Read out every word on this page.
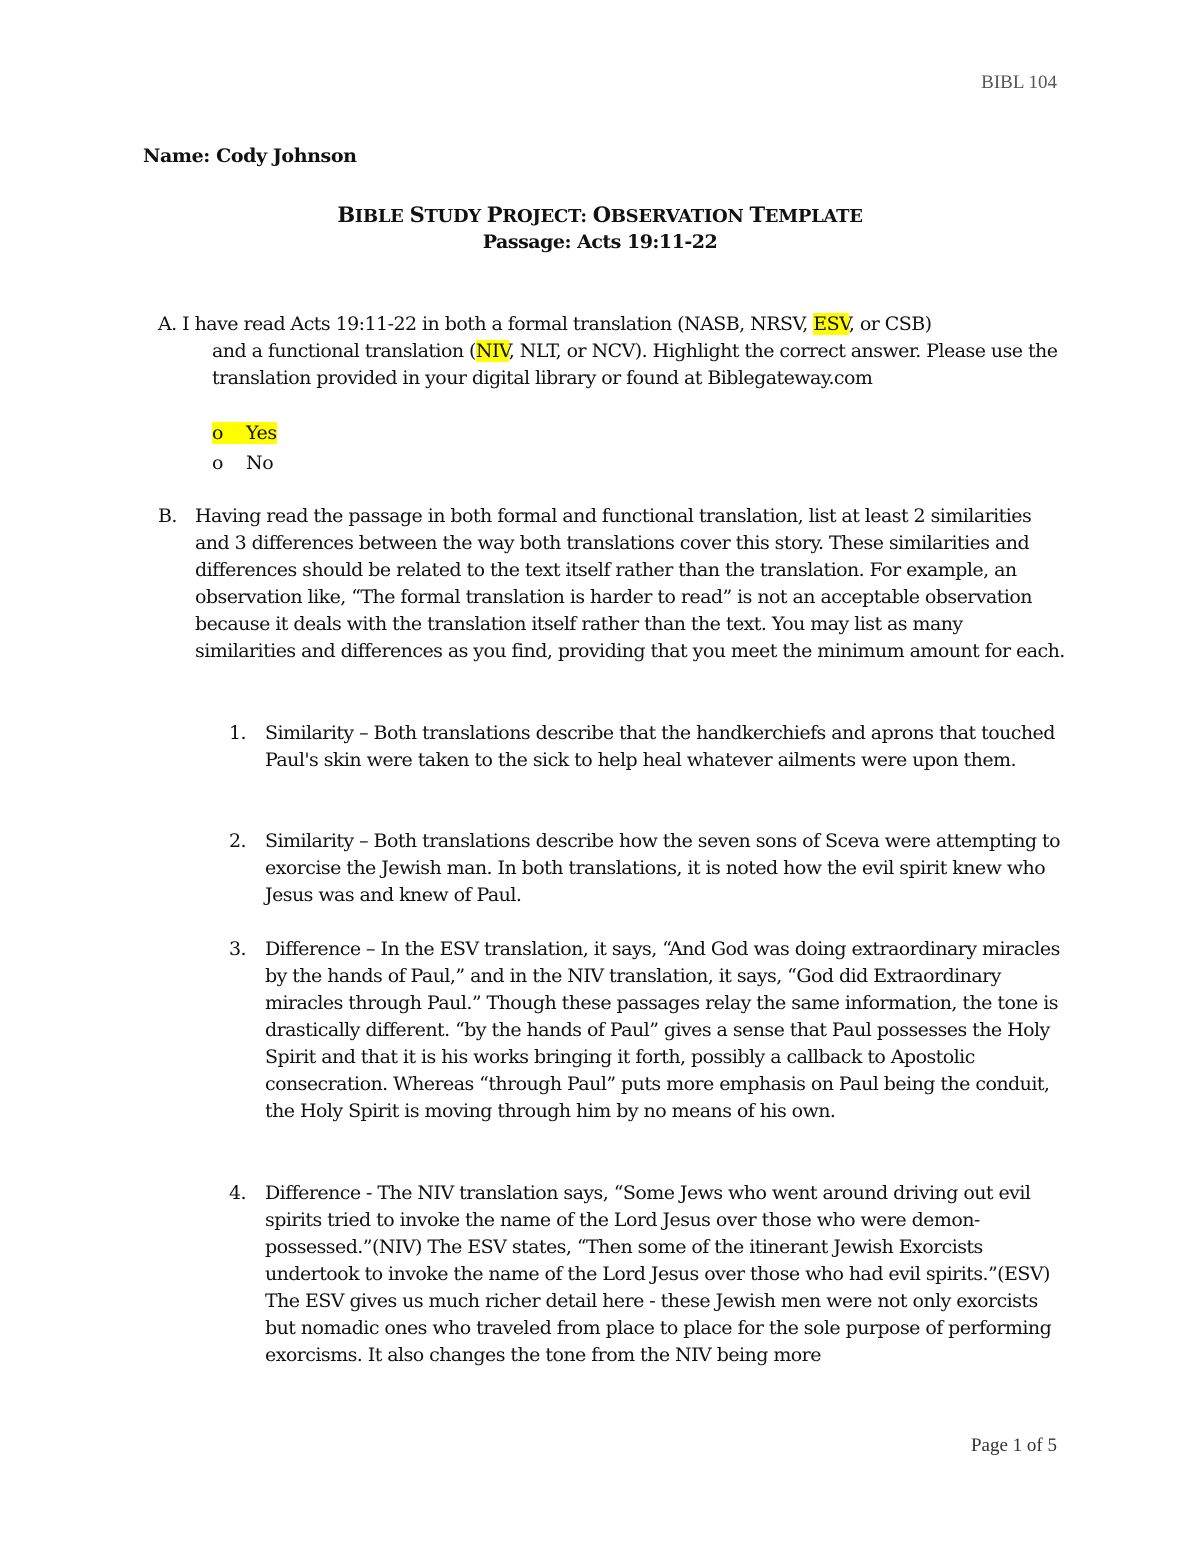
BIBL 104
Name: Cody Johnson
BIBLE STUDY PROJECT: OBSERVATION TEMPLATE
Passage: Acts 19:11-22
A. I have read Acts 19:11-22 in both a formal translation (NASB, NRSV, ESV, or CSB)
and a functional translation (NIV, NLT, or NCV). Highlight the correct answer. Please use the translation provided in your digital library or found at Biblegateway.com
o Yes
o No
B. Having read the passage in both formal and functional translation, list at least 2 similarities and 3 differences between the way both translations cover this story. These similarities and differences should be related to the text itself rather than the translation. For example, an observation like, “The formal translation is harder to read” is not an acceptable observation because it deals with the translation itself rather than the text. You may list as many similarities and differences as you find, providing that you meet the minimum amount for each.
1. Similarity – Both translations describe that the handkerchiefs and aprons that touched Paul's skin were taken to the sick to help heal whatever ailments were upon them.
2. Similarity – Both translations describe how the seven sons of Sceva were attempting to exorcise the Jewish man. In both translations, it is noted how the evil spirit knew who Jesus was and knew of Paul.
3. Difference – In the ESV translation, it says, “And God was doing extraordinary miracles by the hands of Paul,” and in the NIV translation, it says, “God did Extraordinary miracles through Paul.” Though these passages relay the same information, the tone is drastically different. “by the hands of Paul” gives a sense that Paul possesses the Holy Spirit and that it is his works bringing it forth, possibly a callback to Apostolic consecration. Whereas “through Paul” puts more emphasis on Paul being the conduit, the Holy Spirit is moving through him by no means of his own.
4. Difference - The NIV translation says, “Some Jews who went around driving out evil spirits tried to invoke the name of the Lord Jesus over those who were demon-possessed.”(NIV) The ESV states, “Then some of the itinerant Jewish Exorcists undertook to invoke the name of the Lord Jesus over those who had evil spirits.”(ESV) The ESV gives us much richer detail here - these Jewish men were not only exorcists but nomadic ones who traveled from place to place for the sole purpose of performing exorcisms. It also changes the tone from the NIV being more
Page 1 of 5
